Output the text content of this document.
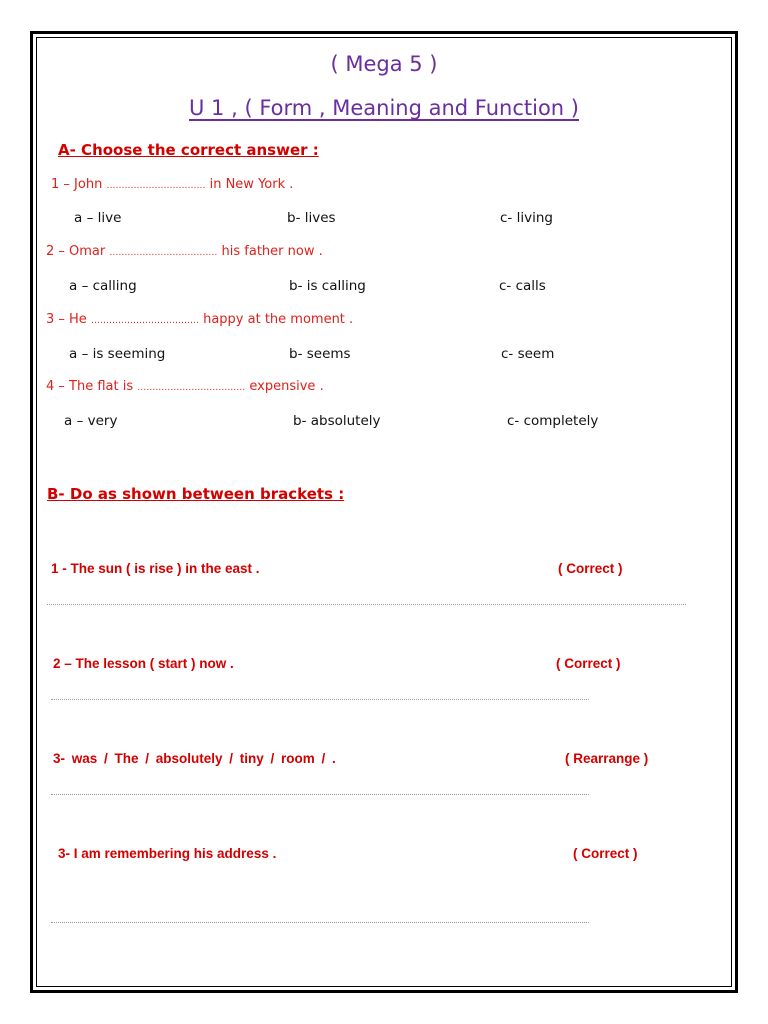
( Mega 5 )
U 1 , ( Form , Meaning and Function )
A- Choose the correct answer :
1 – John …………………………… in New York .
a – live	b- lives	c- living
2 – Omar ……………………………… his father now .
a – calling	b- is calling	c- calls
3 – He ……………………………… happy at the moment .
a – is seeming	b- seems	c- seem
4 – The flat is ……………………………… expensive .
a – very	b- absolutely	c- completely
B- Do as shown between brackets :
1 - The sun ( is rise ) in the east .	( Correct )
2 – The lesson ( start ) now .	( Correct )
3- was / The / absolutely / tiny / room / .	( Rearrange )
3- I am remembering his address .	( Correct )
